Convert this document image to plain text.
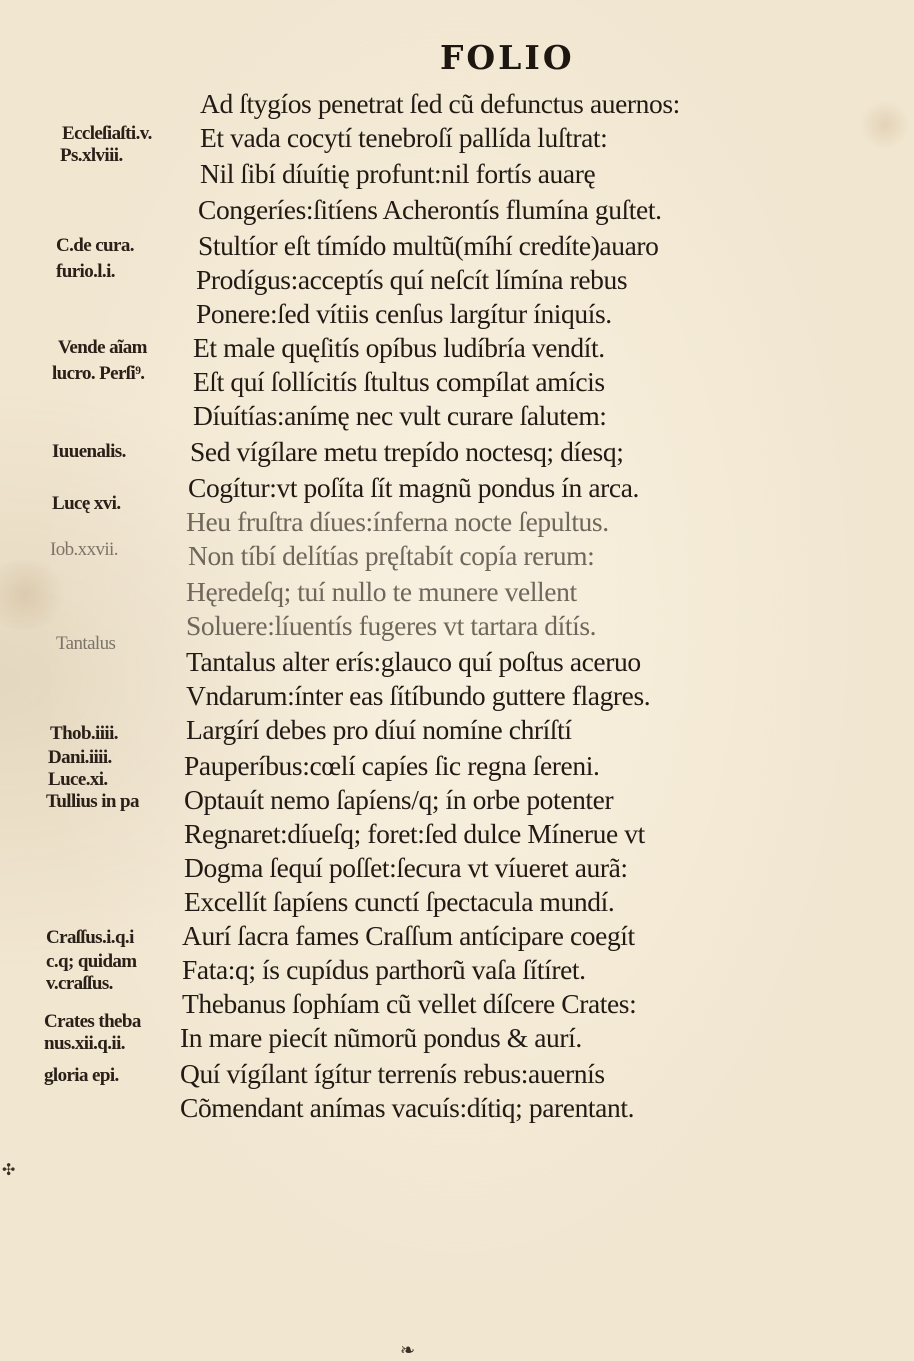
FOLIO
Ad ſtygíos penetrat ſed cũ defunctus auernos:
Et vada cocytí tenebroſí pallída luſtrat:
Nil ſibí díuítię profunt:nil fortís auarę
Congeríes:ſitíens Acherontís flumína guſtet.
Stultíor eſt tímído multũ(míhí credíte)auaro
Prodígus:acceptís quí neſcít límína rebus
Ponere:ſed vítiis cenſus largítur íniquís.
Et male quęſitís opíbus ludíbría vendít.
Eſt quí ſollícitís ſtultus compílat amícis
Díuítías:anímę nec vult curare ſalutem:
Sed vígílare metu trepído noctesq; díesq;
Cogítur:vt poſíta ſít magnũ pondus ín arca.
Heu fruſtra díues:ínferna nocte ſepultus.
Non tíbí delítías pręſtabít copía rerum:
Hęredeſq; tuí nullo te munere vellent
Soluere:líuentís fugeres vt tartara dítís.
Tantalus alter erís:glauco quí poſtus aceruo
Vndarum:ínter eas ſítíbundo guttere flagres.
Largírí debes pro díuí nomíne chríſtí
Pauperíbus:cœlí capíes ſic regna ſereni.
Optauít nemo ſapíens/q; ín orbe potenter
Regnaret:díueſq; foret:ſed dulce Mínerue vt
Dogma ſequí poſſet:ſecura vt víueret aurã:
Excellít ſapíens cunctí ſpectacula mundí.
Aurí ſacra fames Craſſum antícipare coegít
Fata:q; ís cupídus parthorũ vaſa ſítíret.
Thebanus ſophíam cũ vellet díſcere Crates:
In mare piecít nũmorũ pondus & aurí.
Quí vígílant ígítur terrenís rebus:auernís
Cõmendant anímas vacuís:dítiq; parentant.
Eccleſiaſti.v.
Ps.xlviii.
C.de cura.
furio.l.i.
Vende aĩam
lucro. Perſi⁹.
Iuuenalis.
Lucę xvi.
Iob.xxvii.
Tantalus
Thob.iiii.
Dani.iiii.
Luce.xi.
Tullius in pa
Craſſus.i.q.i
c.q; quidam
v.craſſus.
Crates theba
nus.xii.q.ii.
gloria epi.
✣
❧
